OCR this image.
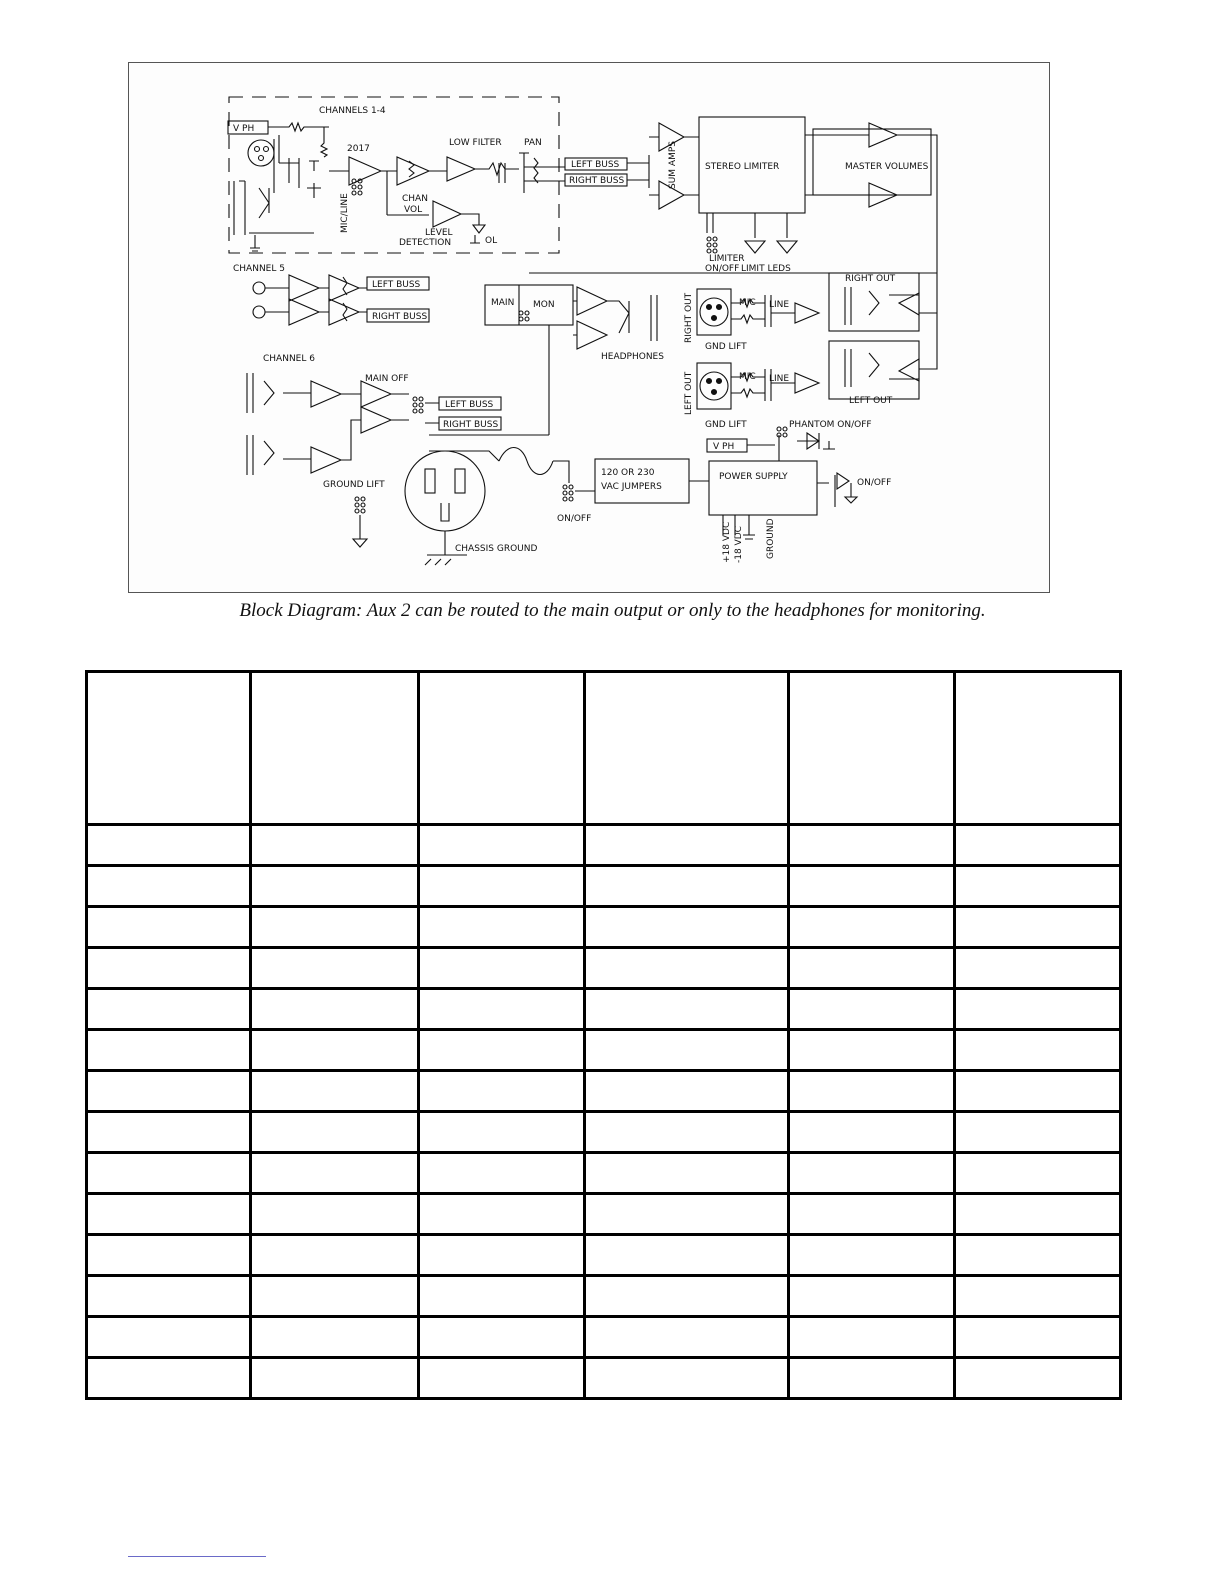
CHANNELS 1-4
V PH
MIC/LINE
2017
CHAN
VOL
LOW FILTER PAN
LEVEL
DETECTION	OL
LEFT BUSS
RIGHT BUSS	SUM AMPS	STEREO LIMITER
LIMITER
ON/OFF LIMIT LEDS
MASTER VOLUMES
CHANNEL 5
LEFT BUSS
RIGHT BUSS
MAIN MON
HEADPHONES
RIGHT OUT	MIC LINE
GND LIFT
RIGHT OUT
LEFT OUT	MIC LINE
GND LIFT
LEFT OUT
CHANNEL 6
MAIN OFF
LEFT BUSS
RIGHT BUSS
GROUND LIFT
CHASSIS GROUND
ON/OFF
120 OR 230
VAC JUMPERS
POWER SUPPLY
V PH
PHANTOM ON/OFF
ON/OFF
+18 VDC -18 VDC GROUND
Block Diagram: Aux 2 can be routed to the main output or only to the headphones for monitoring.
